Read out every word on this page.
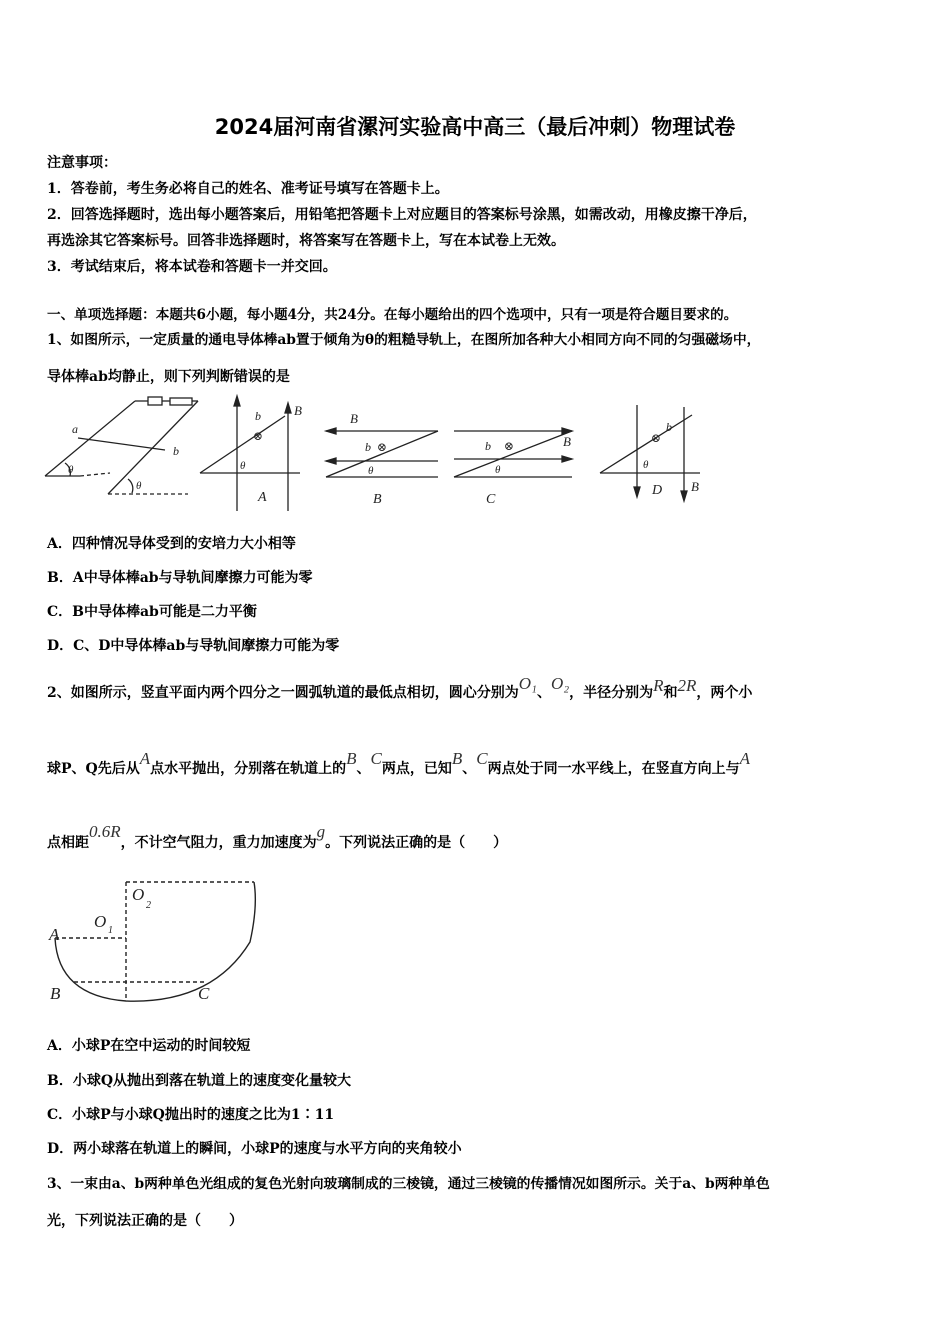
2024届河南省漯河实验高中高三（最后冲刺）物理试卷
注意事项：
1．答卷前，考生务必将自己的姓名、准考证号填写在答题卡上。
2．回答选择题时，选出每小题答案后，用铅笔把答题卡上对应题目的答案标号涂黑，如需改动，用橡皮擦干净后，
再选涂其它答案标号。回答非选择题时，将答案写在答题卡上，写在本试卷上无效。
3．考试结束后，将本试卷和答题卡一并交回。
一、单项选择题：本题共6小题，每小题4分，共24分。在每小题给出的四个选项中，只有一项是符合题目要求的。
1、如图所示，一定质量的通电导体棒ab置于倾角为θ的粗糙导轨上，在图所加各种大小相同方向不同的匀强磁场中，
导体棒ab均静止，则下列判断错误的是
a
b
θ
θ
b
⊗
B
θ
A
B
b ⊗
θ
B
b ⊗	B
θ
C
b
⊗
θ
D B
A．四种情况导体受到的安培力大小相等
B．A中导体棒ab与导轨间摩擦力可能为零
C．B中导体棒ab可能是二力平衡
D．C、D中导体棒ab与导轨间摩擦力可能为零
2、如图所示，竖直平面内两个四分之一圆弧轨道的最低点相切，圆心分别为O₁、O₂，半径分别为R和2R，两个小
球P、Q先后从A点水平抛出，分别落在轨道上的B、C两点，已知B、C两点处于同一水平线上，在竖直方向上与A
点相距0.6R，不计空气阻力，重力加速度为g。下列说法正确的是（　　）
A
B	C
O 1
O
2
A．小球P在空中运动的时间较短
B．小球Q从抛出到落在轨道上的速度变化量较大
C．小球P与小球Q抛出时的速度之比为1∶11
D．两小球落在轨道上的瞬间，小球P的速度与水平方向的夹角较小
3、一束由a、b两种单色光组成的复色光射向玻璃制成的三棱镜，通过三棱镜的传播情况如图所示。关于a、b两种单色
光，下列说法正确的是（　　）
